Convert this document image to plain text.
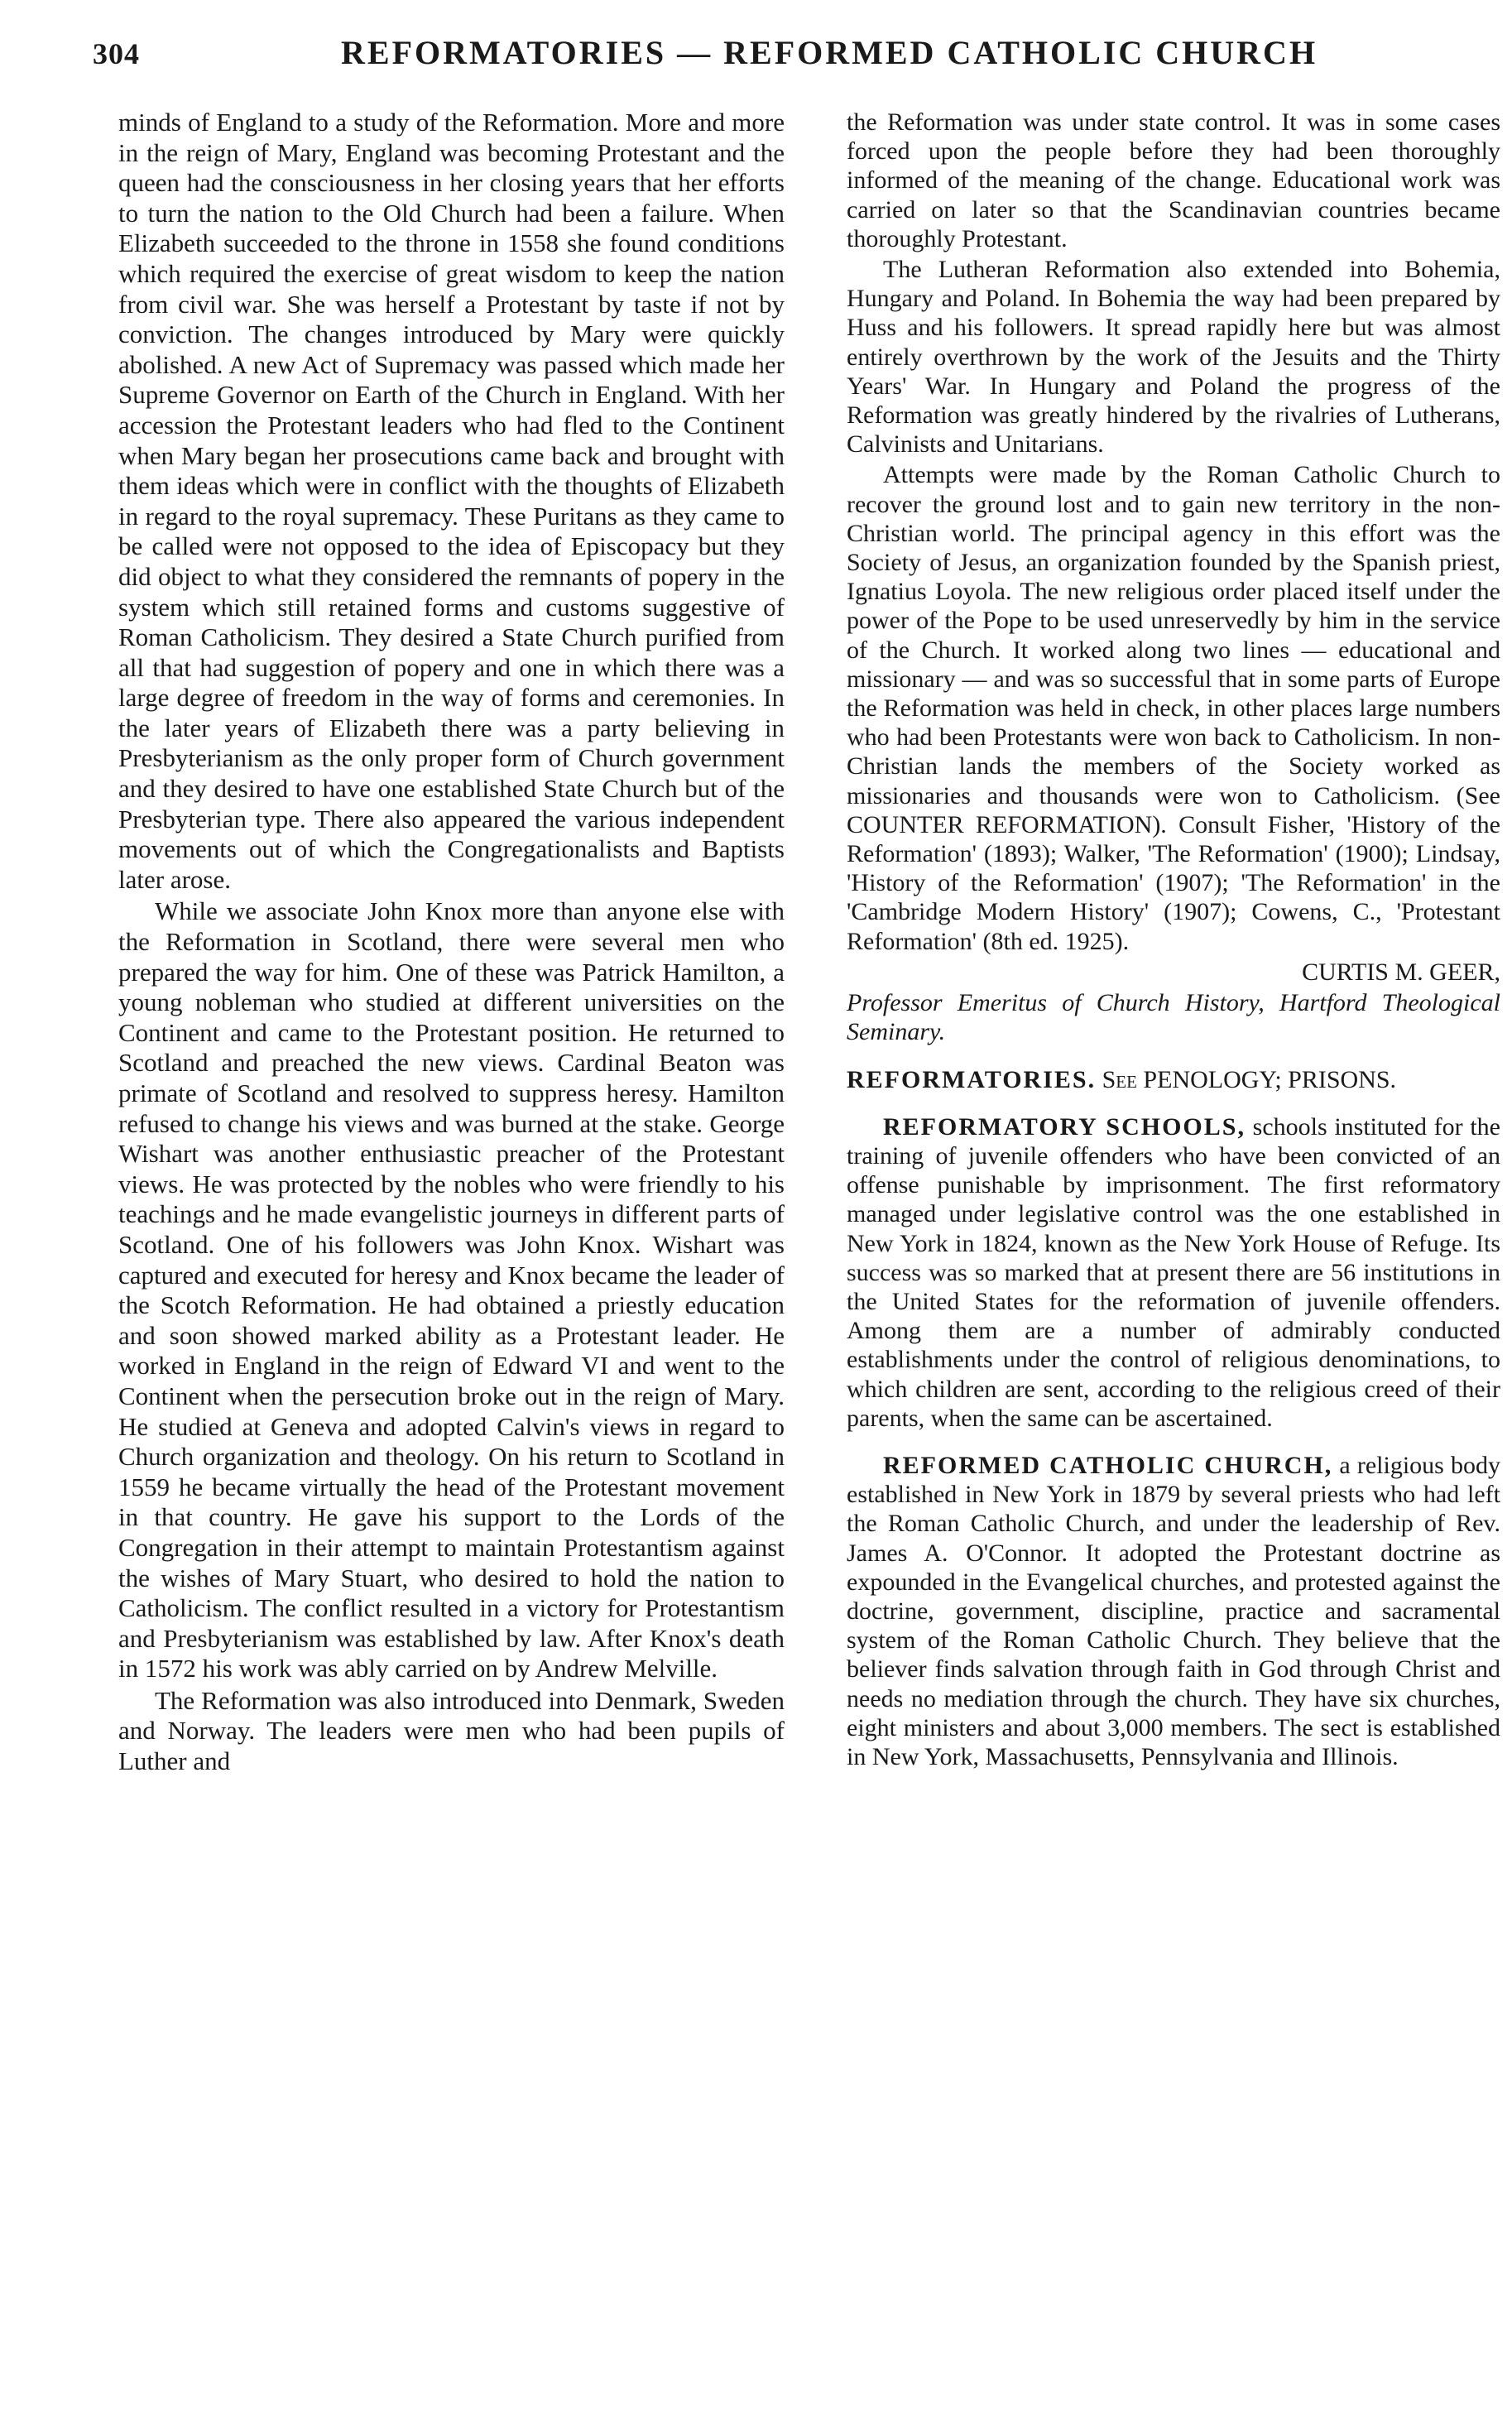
304	REFORMATORIES — REFORMED CATHOLIC CHURCH

minds of England to a study of the Reformation. More and more in the reign of Mary, England was becoming Protestant and the queen had the consciousness in her closing years that her efforts to turn the nation to the Old Church had been a failure. When Elizabeth succeeded to the throne in 1558 she found conditions which required the exercise of great wisdom to keep the nation from civil war. She was herself a Protestant by taste if not by conviction. The changes introduced by Mary were quickly abolished. A new Act of Supremacy was passed which made her Supreme Governor on Earth of the Church in England. With her accession the Protestant leaders who had fled to the Continent when Mary began her prosecutions came back and brought with them ideas which were in conflict with the thoughts of Elizabeth in regard to the royal supremacy. These Puritans as they came to be called were not opposed to the idea of Episcopacy but they did object to what they considered the remnants of popery in the system which still retained forms and customs suggestive of Roman Catholicism. They desired a State Church purified from all that had suggestion of popery and one in which there was a large degree of freedom in the way of forms and ceremonies. In the later years of Elizabeth there was a party believing in Presbyterianism as the only proper form of Church government and they desired to have one established State Church but of the Presbyterian type. There also appeared the various independent movements out of which the Congregationalists and Baptists later arose.

While we associate John Knox more than anyone else with the Reformation in Scotland, there were several men who prepared the way for him. One of these was Patrick Hamilton, a young nobleman who studied at different universities on the Continent and came to the Protestant position. He returned to Scotland and preached the new views. Cardinal Beaton was primate of Scotland and resolved to suppress heresy. Hamilton refused to change his views and was burned at the stake. George Wishart was another enthusiastic preacher of the Protestant views. He was protected by the nobles who were friendly to his teachings and he made evangelistic journeys in different parts of Scotland. One of his followers was John Knox. Wishart was captured and executed for heresy and Knox became the leader of the Scotch Reformation. He had obtained a priestly education and soon showed marked ability as a Protestant leader. He worked in England in the reign of Edward VI and went to the Continent when the persecution broke out in the reign of Mary. He studied at Geneva and adopted Calvin's views in regard to Church organization and theology. On his return to Scotland in 1559 he became virtually the head of the Protestant movement in that country. He gave his support to the Lords of the Congregation in their attempt to maintain Protestantism against the wishes of Mary Stuart, who desired to hold the nation to Catholicism. The conflict resulted in a victory for Protestantism and Presbyterianism was established by law. After Knox's death in 1572 his work was ably carried on by Andrew Melville.

The Reformation was also introduced into Denmark, Sweden and Norway. The leaders were men who had been pupils of Luther and

the Reformation was under state control. It was in some cases forced upon the people before they had been thoroughly informed of the meaning of the change. Educational work was carried on later so that the Scandinavian countries became thoroughly Protestant.

The Lutheran Reformation also extended into Bohemia, Hungary and Poland. In Bohemia the way had been prepared by Huss and his followers. It spread rapidly here but was almost entirely overthrown by the work of the Jesuits and the Thirty Years' War. In Hungary and Poland the progress of the Reformation was greatly hindered by the rivalries of Lutherans, Calvinists and Unitarians.

Attempts were made by the Roman Catholic Church to recover the ground lost and to gain new territory in the non-Christian world. The principal agency in this effort was the Society of Jesus, an organization founded by the Spanish priest, Ignatius Loyola. The new religious order placed itself under the power of the Pope to be used unreservedly by him in the service of the Church. It worked along two lines — educational and missionary — and was so successful that in some parts of Europe the Reformation was held in check, in other places large numbers who had been Protestants were won back to Catholicism. In non-Christian lands the members of the Society worked as missionaries and thousands were won to Catholicism. (See COUNTER REFORMATION). Consult Fisher, 'History of the Reformation' (1893); Walker, 'The Reformation' (1900); Lindsay, 'History of the Reformation' (1907); 'The Reformation' in the 'Cambridge Modern History' (1907); Cowens, C., 'Protestant Reformation' (8th ed. 1925).

CURTIS M. GEER,

Professor Emeritus of Church History, Hartford Theological Seminary.

REFORMATORIES. See PENOLOGY; PRISONS.

REFORMATORY SCHOOLS, schools instituted for the training of juvenile offenders who have been convicted of an offense punishable by imprisonment. The first reformatory managed under legislative control was the one established in New York in 1824, known as the New York House of Refuge. Its success was so marked that at present there are 56 institutions in the United States for the reformation of juvenile offenders. Among them are a number of admirably conducted establishments under the control of religious denominations, to which children are sent, according to the religious creed of their parents, when the same can be ascertained.

REFORMED CATHOLIC CHURCH, a religious body established in New York in 1879 by several priests who had left the Roman Catholic Church, and under the leadership of Rev. James A. O'Connor. It adopted the Protestant doctrine as expounded in the Evangelical churches, and protested against the doctrine, government, discipline, practice and sacramental system of the Roman Catholic Church. They believe that the believer finds salvation through faith in God through Christ and needs no mediation through the church. They have six churches, eight ministers and about 3,000 members. The sect is established in New York, Massachusetts, Pennsylvania and Illinois.
